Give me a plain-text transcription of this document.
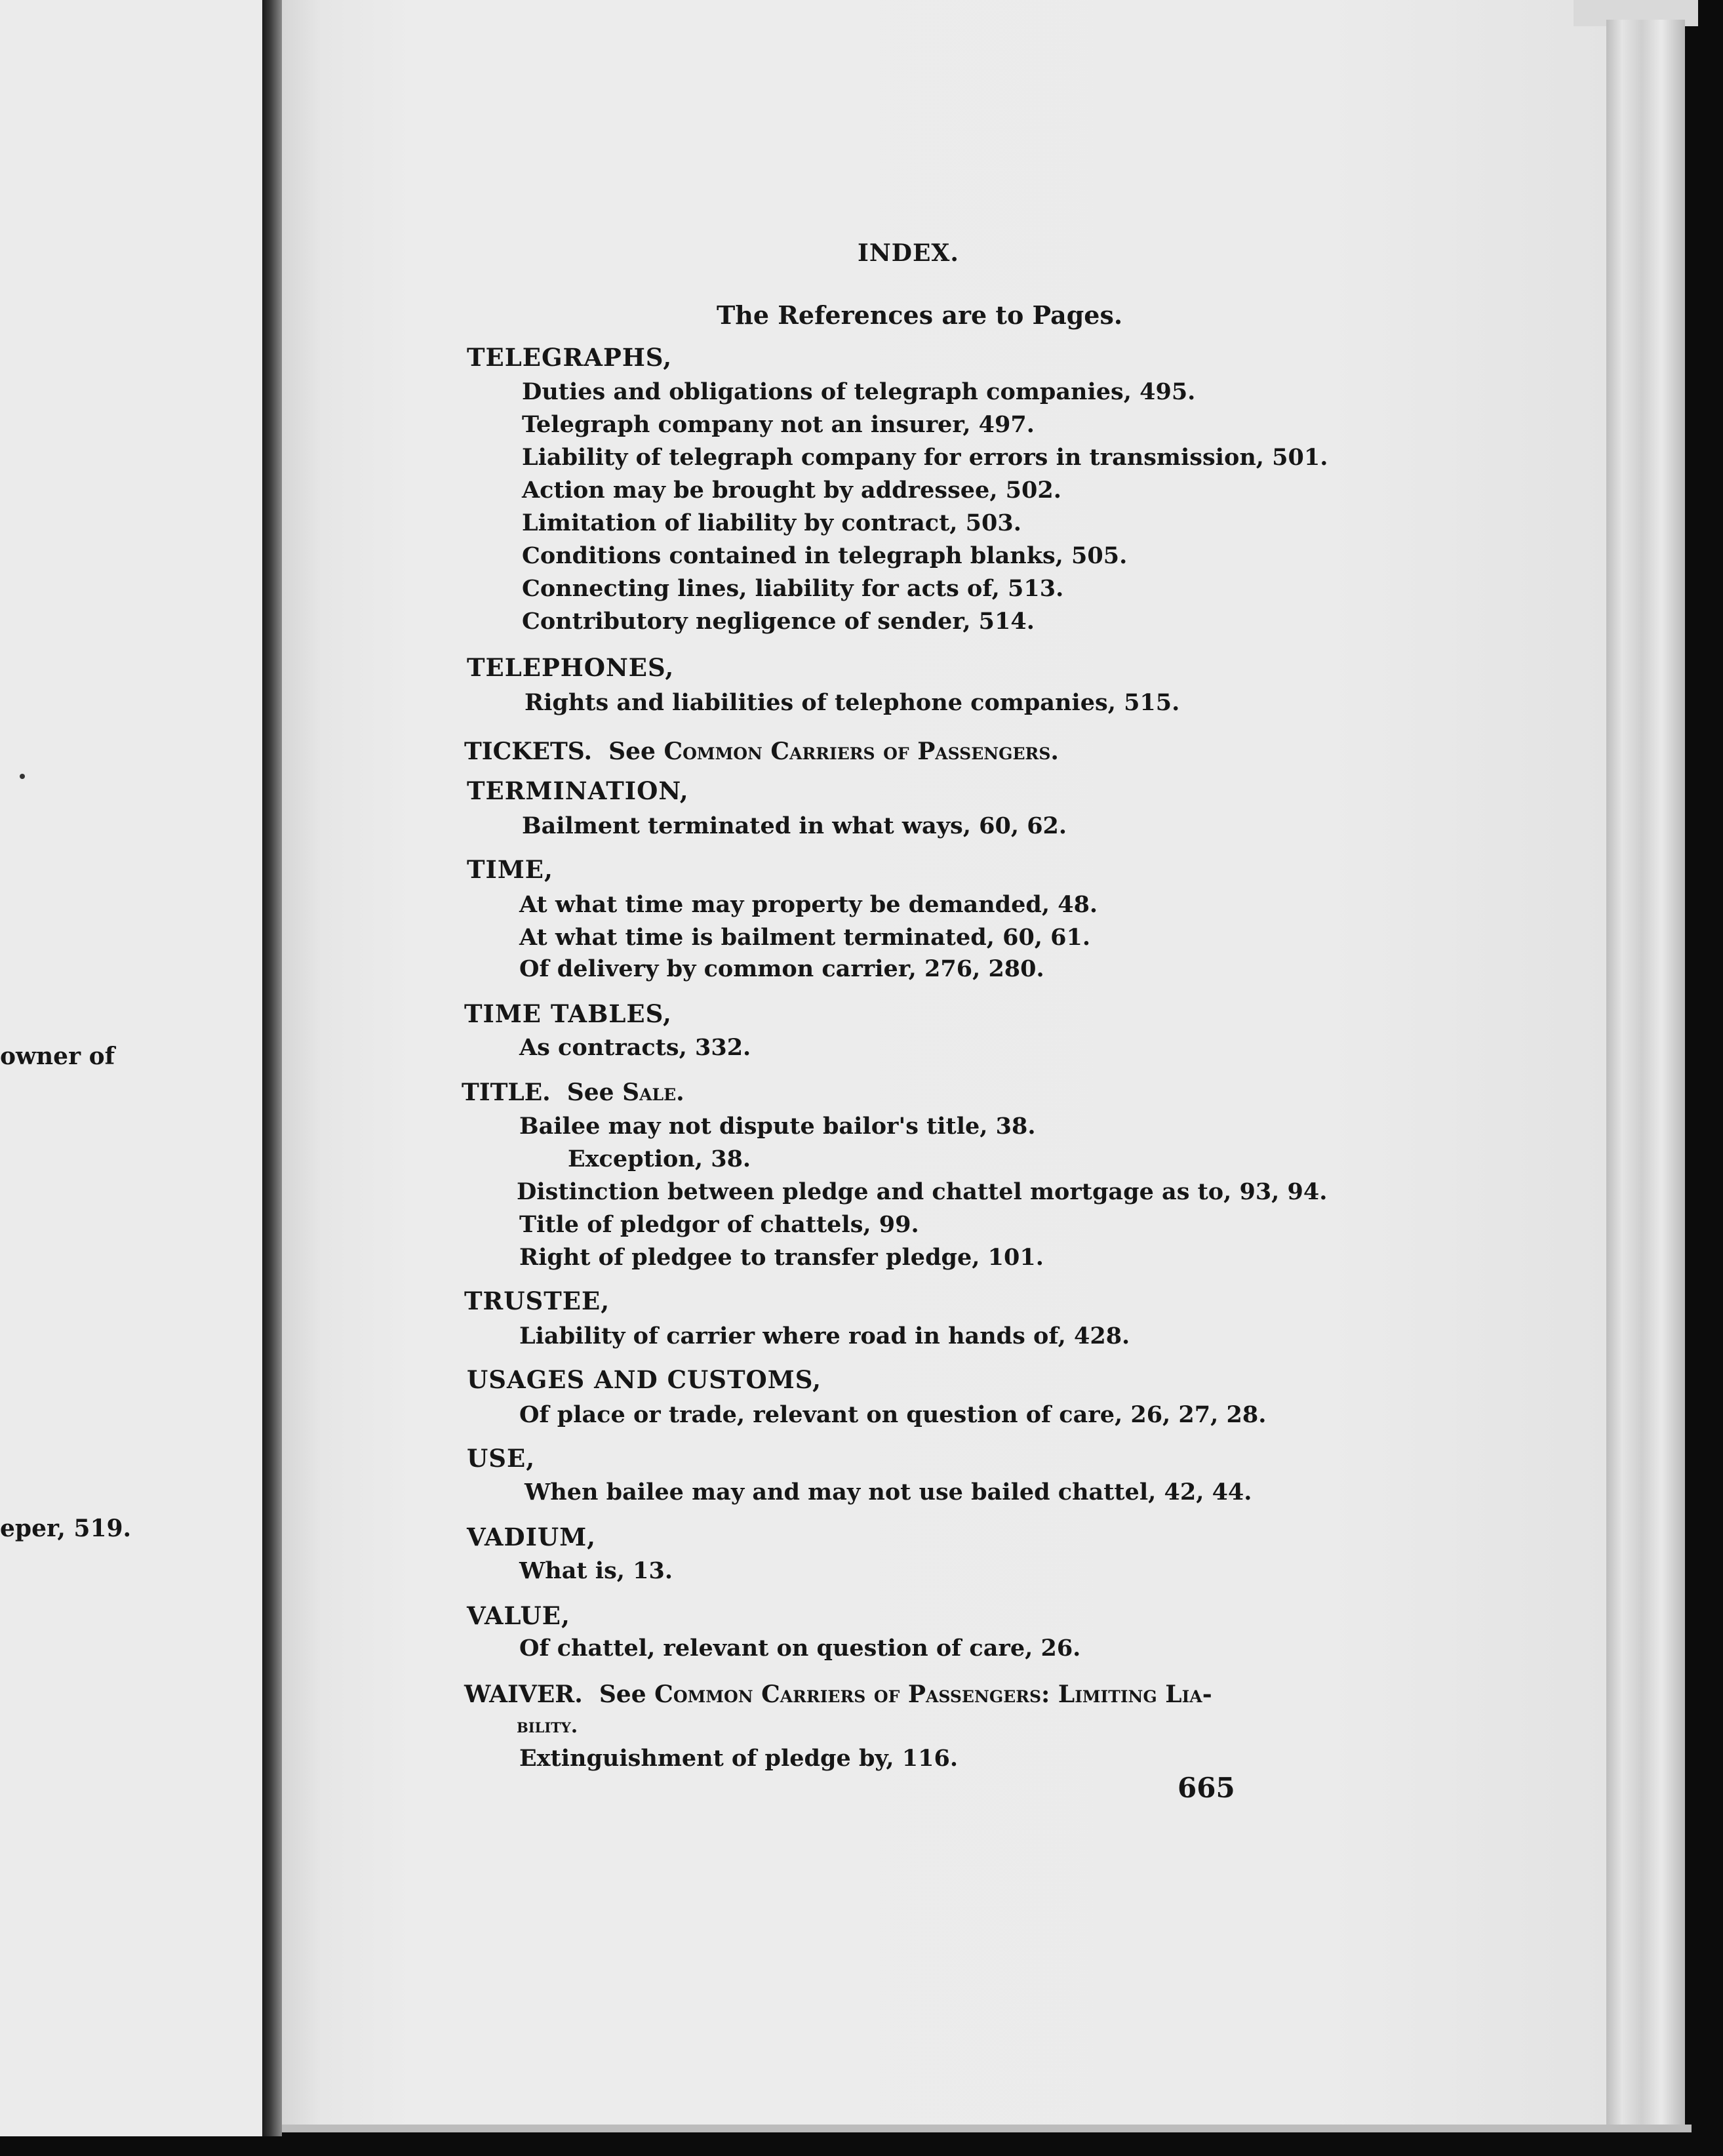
owner of
eper, 519.
INDEX.
The References are to Pages.
TELEGRAPHS,
Duties and obligations of telegraph companies, 495.
Telegraph company not an insurer, 497.
Liability of telegraph company for errors in transmission, 501.
Action may be brought by addressee, 502.
Limitation of liability by contract, 503.
Conditions contained in telegraph blanks, 505.
Connecting lines, liability for acts of, 513.
Contributory negligence of sender, 514.
TELEPHONES,
Rights and liabilities of telephone companies, 515.
TICKETS. See Common Carriers of Passengers.
TERMINATION,
Bailment terminated in what ways, 60, 62.
TIME,
At what time may property be demanded, 48.
At what time is bailment terminated, 60, 61.
Of delivery by common carrier, 276, 280.
TIME TABLES,
As contracts, 332.
TITLE. See Sale.
Bailee may not dispute bailor's title, 38.
Exception, 38.
Distinction between pledge and chattel mortgage as to, 93, 94.
Title of pledgor of chattels, 99.
Right of pledgee to transfer pledge, 101.
TRUSTEE,
Liability of carrier where road in hands of, 428.
USAGES AND CUSTOMS,
Of place or trade, relevant on question of care, 26, 27, 28.
USE,
When bailee may and may not use bailed chattel, 42, 44.
VADIUM,
What is, 13.
VALUE,
Of chattel, relevant on question of care, 26.
WAIVER. See Common Carriers of Passengers: Limiting Lia-
bility.
Extinguishment of pledge by, 116.
665
